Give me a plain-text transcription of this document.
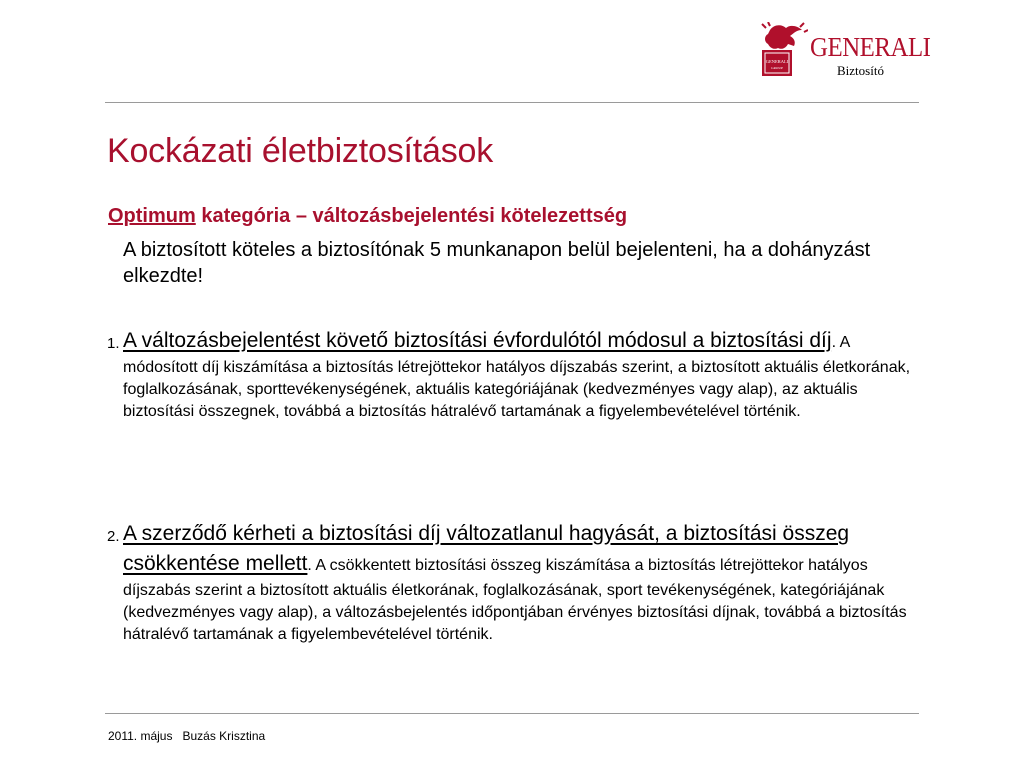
GENERALI
GROUP
GENERALI
Biztosító
Kockázati életbiztosítások
Optimum kategória – változásbejelentési kötelezettség
A biztosított köteles a biztosítónak 5 munkanapon belül bejelenteni, ha a dohányzást elkezdte!
1. A változásbejelentést követő biztosítási évfordulótól módosul a biztosítási díj. A módosított díj kiszámítása a biztosítás létrejöttekor hatályos díjszabás szerint, a biztosított aktuális életkorának, foglalkozásának, sporttevékenységének, aktuális kategóriájának (kedvezményes vagy alap), az aktuális biztosítási összegnek, továbbá a biztosítás hátralévő tartamának a figyelembevételével történik.
2. A szerződő kérheti a biztosítási díj változatlanul hagyását, a biztosítási összeg csökkentése mellett. A csökkentett biztosítási összeg kiszámítása a biztosítás létrejöttekor hatályos díjszabás szerint a biztosított aktuális életkorának, foglalkozásának, sport tevékenységének, kategóriájának (kedvezményes vagy alap), a változásbejelentés időpontjában érvényes biztosítási díjnak, továbbá a biztosítás hátralévő tartamának a figyelembevételével történik.
2011. május Buzás Krisztina
